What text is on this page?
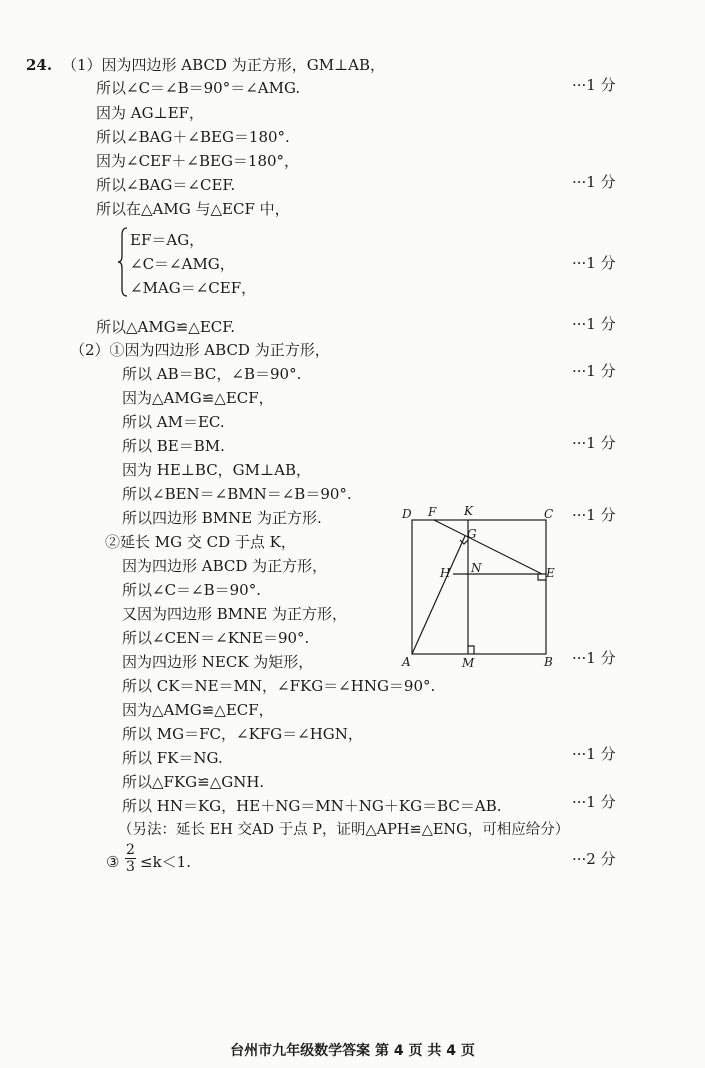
24. （1）因为四边形 ABCD 为正方形，GM⊥AB，
所以∠C＝∠B＝90°＝∠AMG.	···1 分
因为 AG⊥EF，
所以∠BAG＋∠BEG＝180°.
因为∠CEF＋∠BEG＝180°，
所以∠BAG＝∠CEF.	···1 分
所以在△AMG 与△ECF 中，
EF＝AG，
∠C＝∠AMG，	···1 分
∠MAG＝∠CEF，
所以△AMG≌△ECF.	···1 分
（2）①因为四边形 ABCD 为正方形，
所以 AB＝BC，∠B＝90°.	···1 分
因为△AMG≌△ECF，
所以 AM＝EC.
所以 BE＝BM.	···1 分
因为 HE⊥BC，GM⊥AB，
所以∠BEN＝∠BMN＝∠B＝90°.
所以四边形 BMNE 为正方形.	···1 分
②延长 MG 交 CD 于点 K，
因为四边形 ABCD 为正方形，
所以∠C＝∠B＝90°.
又因为四边形 BMNE 为正方形，
所以∠CEN＝∠KNE＝90°.
因为四边形 NECK 为矩形，	···1 分
所以 CK＝NE＝MN，∠FKG＝∠HNG＝90°.
因为△AMG≌△ECF，
所以 MG＝FC，∠KFG＝∠HGN，
所以 FK＝NG.	···1 分
所以△FKG≌△GNH.
所以 HN＝KG，HE＋NG＝MN＋NG＋KG＝BC＝AB.	···1 分
（另法：延长 EH 交AD 于点 P，证明△APH≌△ENG，可相应给分）
③
2
3 ≤k＜1.	···2 分
D F K	C
G
H N	E
A	M	B
台州市九年级数学答案 第 4 页 共 4 页
